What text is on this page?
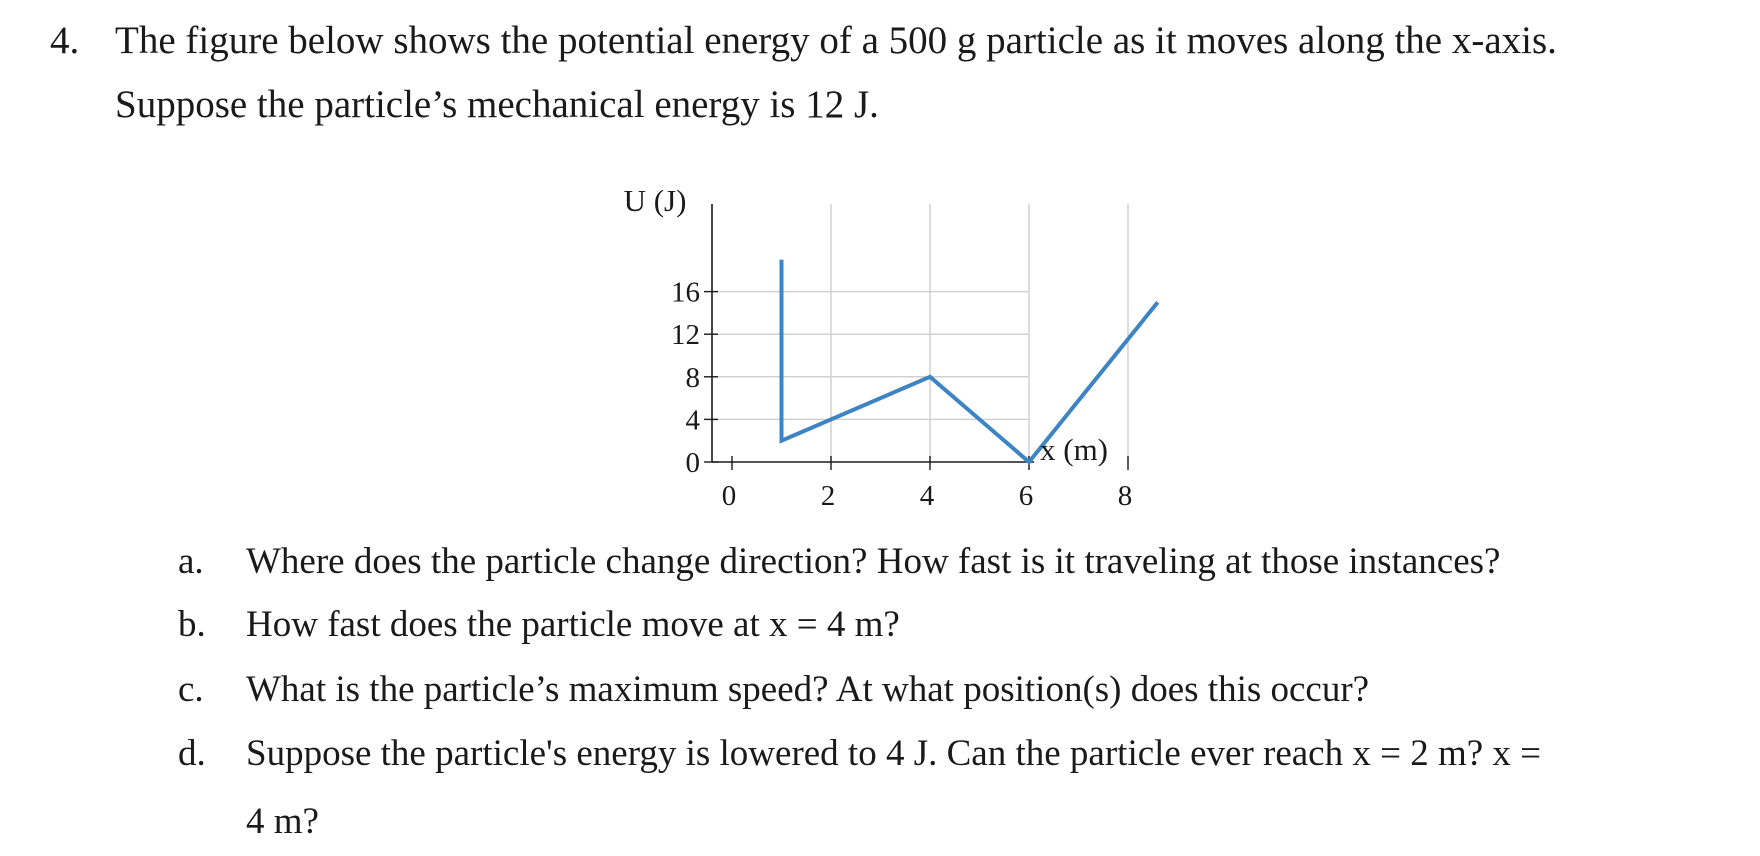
4. The figure below shows the potential energy of a 500 g particle as it moves along the x-axis.
Suppose the particle’s mechanical energy is 12 J.
0
4
8
12
16
0	2	4	6	8
U (J)
x (m)
a. Where does the particle change direction? How fast is it traveling at those instances?
b. How fast does the particle move at x = 4 m?
c. What is the particle’s maximum speed? At what position(s) does this occur?
d. Suppose the particle's energy is lowered to 4 J. Can the particle ever reach x = 2 m? x =
4 m?
